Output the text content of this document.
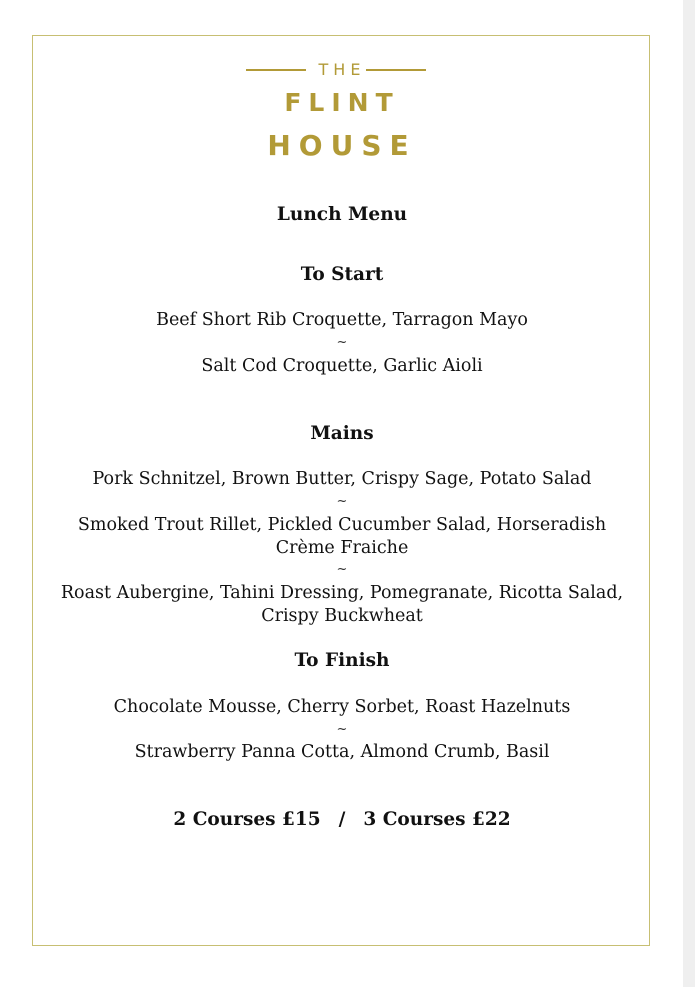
THE
FLINT
HOUSE
Lunch Menu
To Start
Beef Short Rib Croquette, Tarragon Mayo
~
Salt Cod Croquette, Garlic Aioli
Mains
Pork Schnitzel, Brown Butter, Crispy Sage, Potato Salad
~
Smoked Trout Rillet, Pickled Cucumber Salad, Horseradish
Crème Fraiche
~
Roast Aubergine, Tahini Dressing, Pomegranate, Ricotta Salad,
Crispy Buckwheat
To Finish
Chocolate Mousse, Cherry Sorbet, Roast Hazelnuts
~
Strawberry Panna Cotta, Almond Crumb, Basil
2 Courses £15 / 3 Courses £22
